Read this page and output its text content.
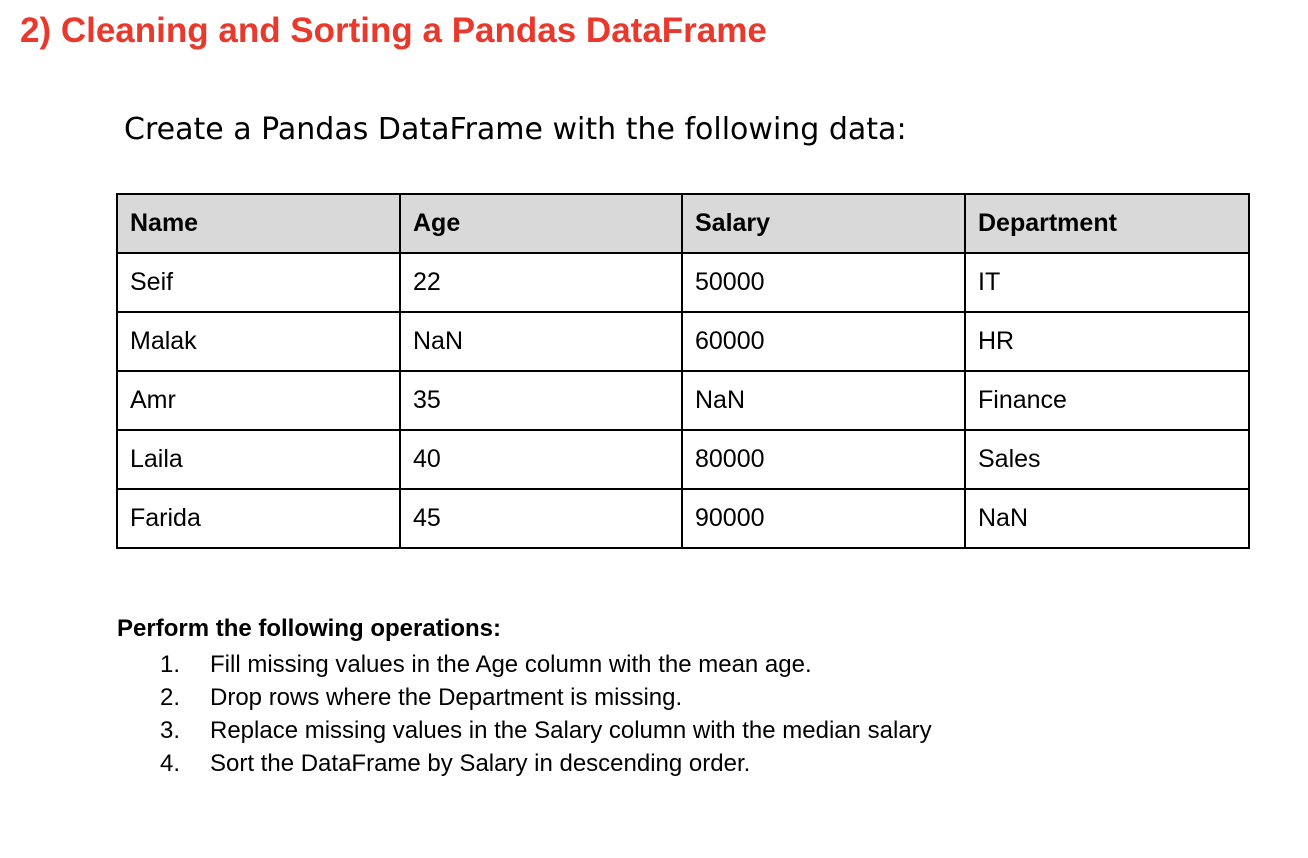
2) Cleaning and Sorting a Pandas DataFrame

Create a Pandas DataFrame with the following data:

Name	Age	Salary	Department
Seif	22	50000	IT
Malak	NaN	60000	HR
Amr	35	NaN	Finance
Laila	40	80000	Sales
Farida	45	90000	NaN

Perform the following operations:

1. Fill missing values in the Age column with the mean age.
2. Drop rows where the Department is missing.
3. Replace missing values in the Salary column with the median salary
4. Sort the DataFrame by Salary in descending order.
